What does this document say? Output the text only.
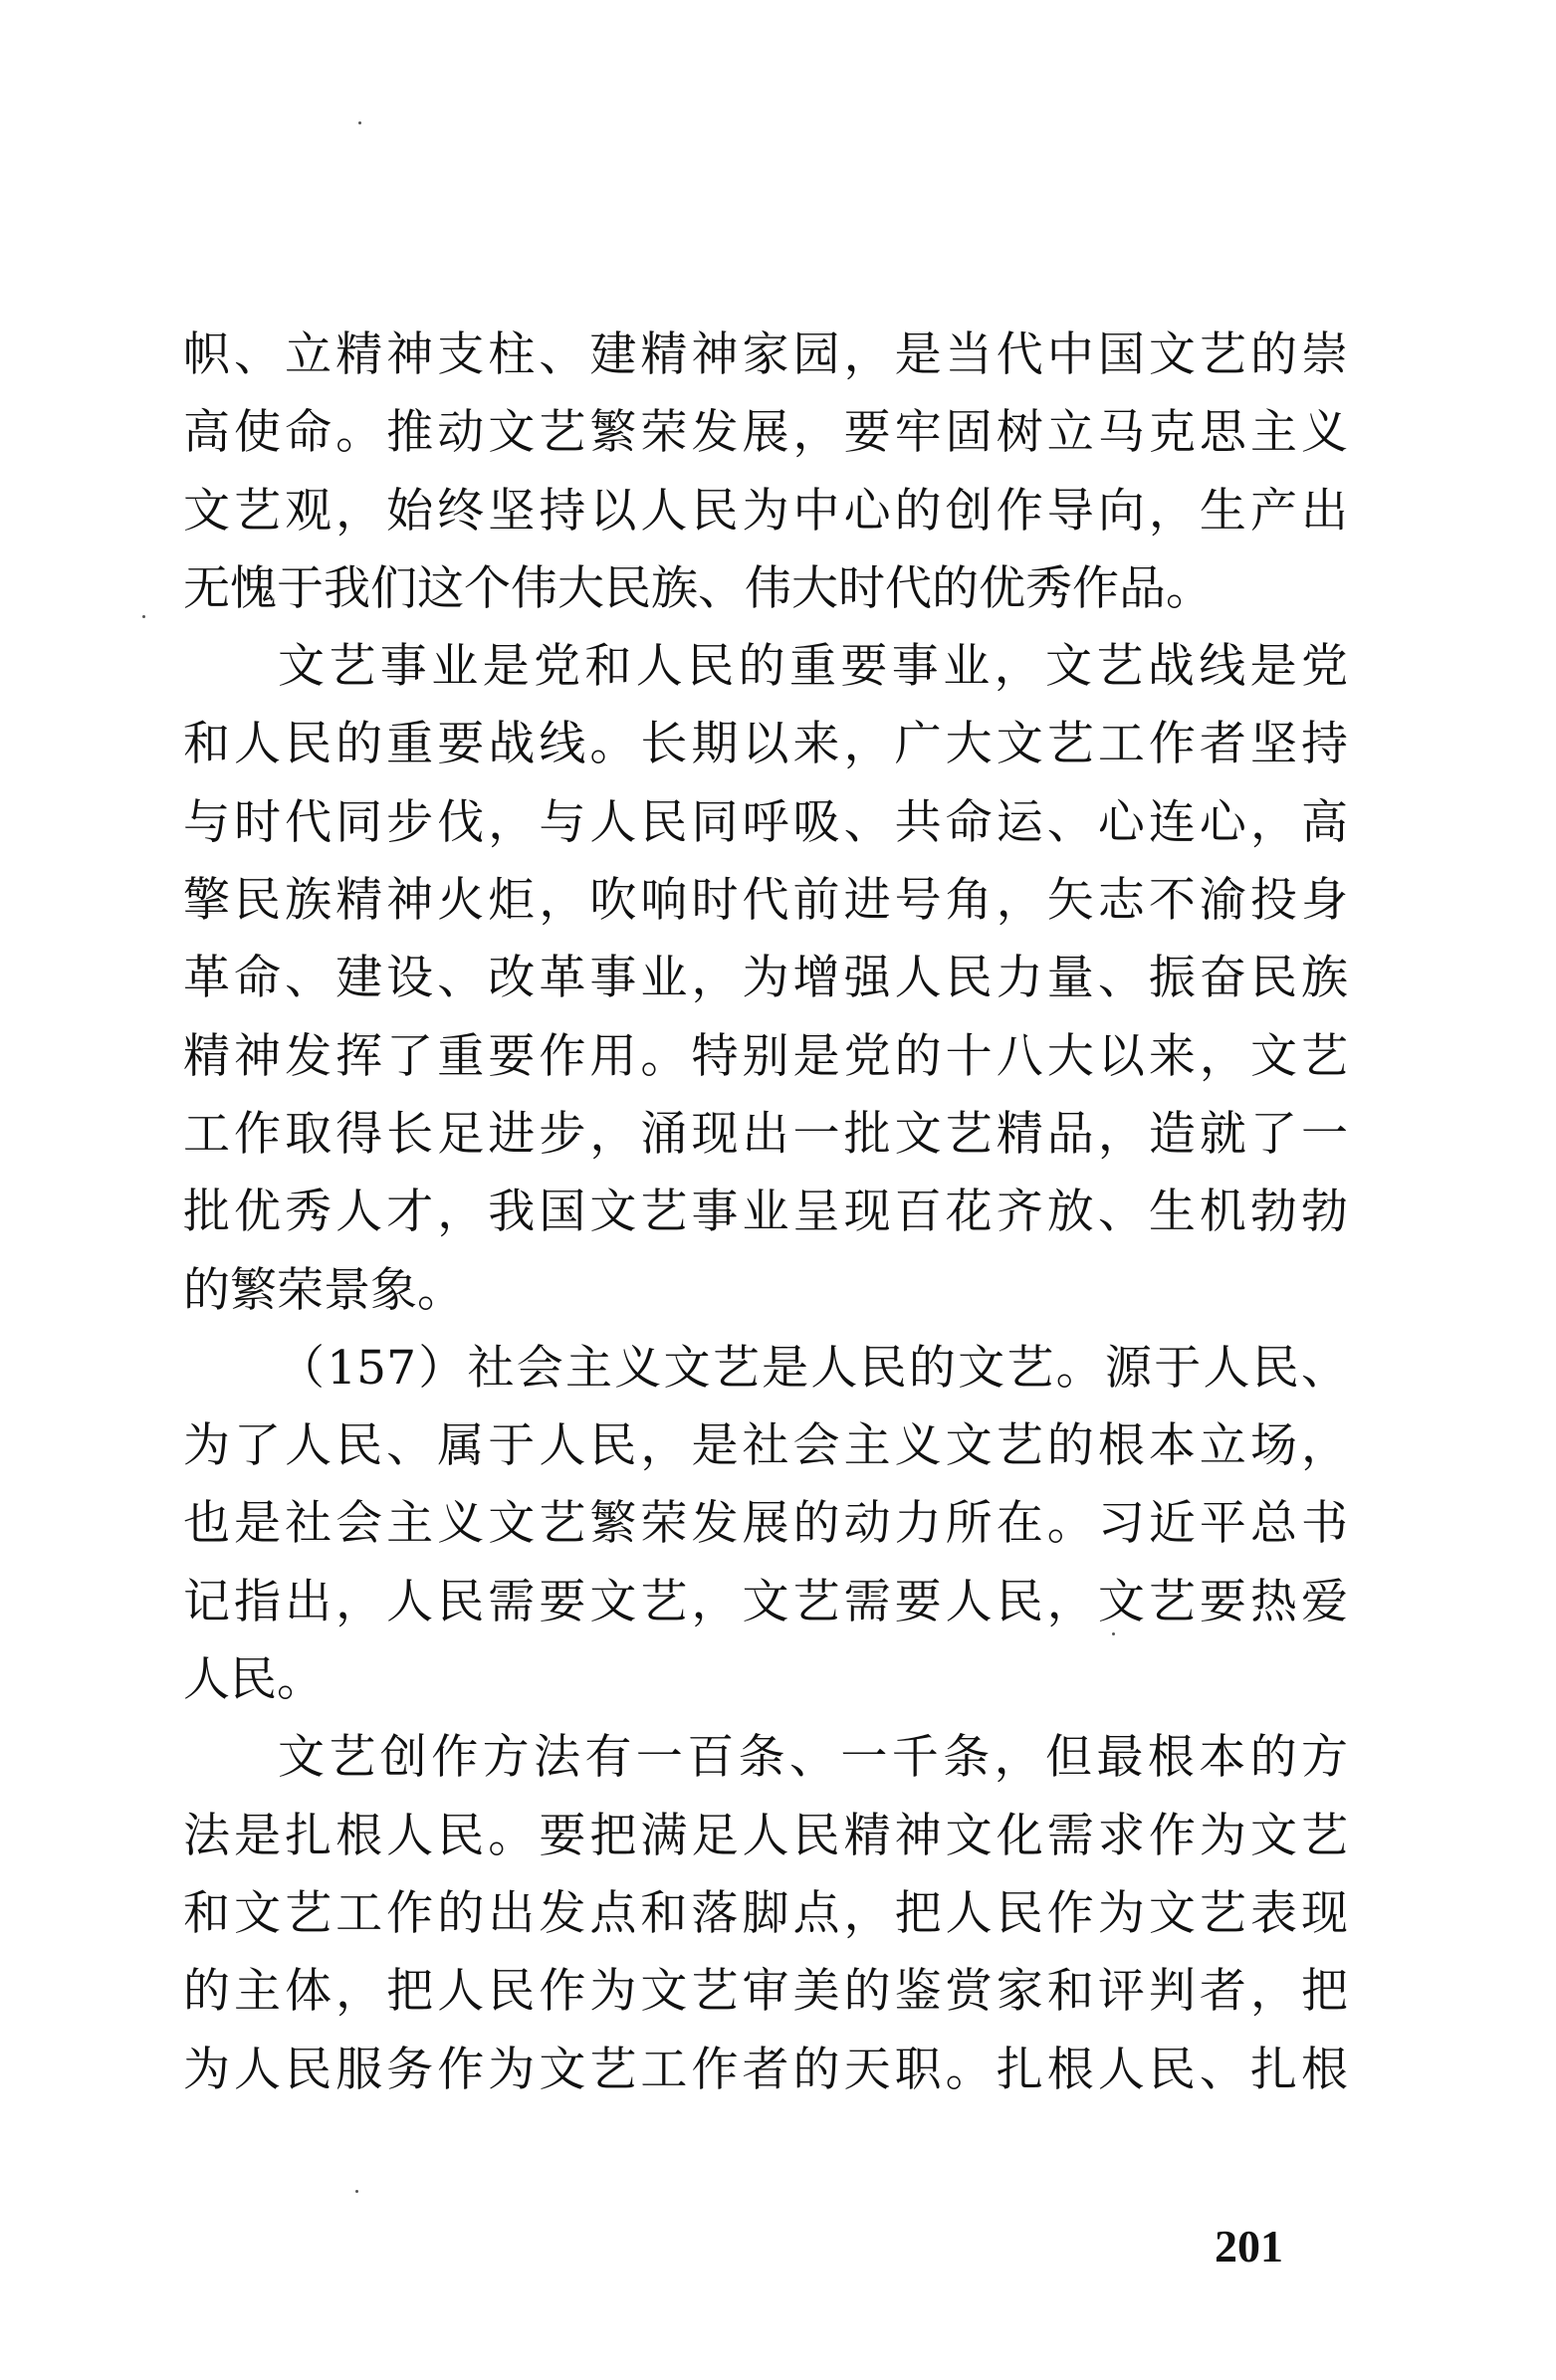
帜、立精神支柱、建精神家园，是当代中国文艺的崇
高使命。推动文艺繁荣发展，要牢固树立马克思主义
文艺观，始终坚持以人民为中心的创作导向，生产出
无愧于我们这个伟大民族、伟大时代的优秀作品。
文艺事业是党和人民的重要事业，文艺战线是党
和人民的重要战线。长期以来，广大文艺工作者坚持
与时代同步伐，与人民同呼吸、共命运、心连心，高
擎民族精神火炬，吹响时代前进号角，矢志不渝投身
革命、建设、改革事业，为增强人民力量、振奋民族
精神发挥了重要作用。特别是党的十八大以来，文艺
工作取得长足进步，涌现出一批文艺精品，造就了一
批优秀人才，我国文艺事业呈现百花齐放、生机勃勃
的繁荣景象。
（157）社会主义文艺是人民的文艺。源于人民、
为了人民、属于人民，是社会主义文艺的根本立场，
也是社会主义文艺繁荣发展的动力所在。习近平总书
记指出，人民需要文艺，文艺需要人民，文艺要热爱
人民。
文艺创作方法有一百条、一千条，但最根本的方
法是扎根人民。要把满足人民精神文化需求作为文艺
和文艺工作的出发点和落脚点，把人民作为文艺表现
的主体，把人民作为文艺审美的鉴赏家和评判者，把
为人民服务作为文艺工作者的天职。扎根人民、扎根
201
